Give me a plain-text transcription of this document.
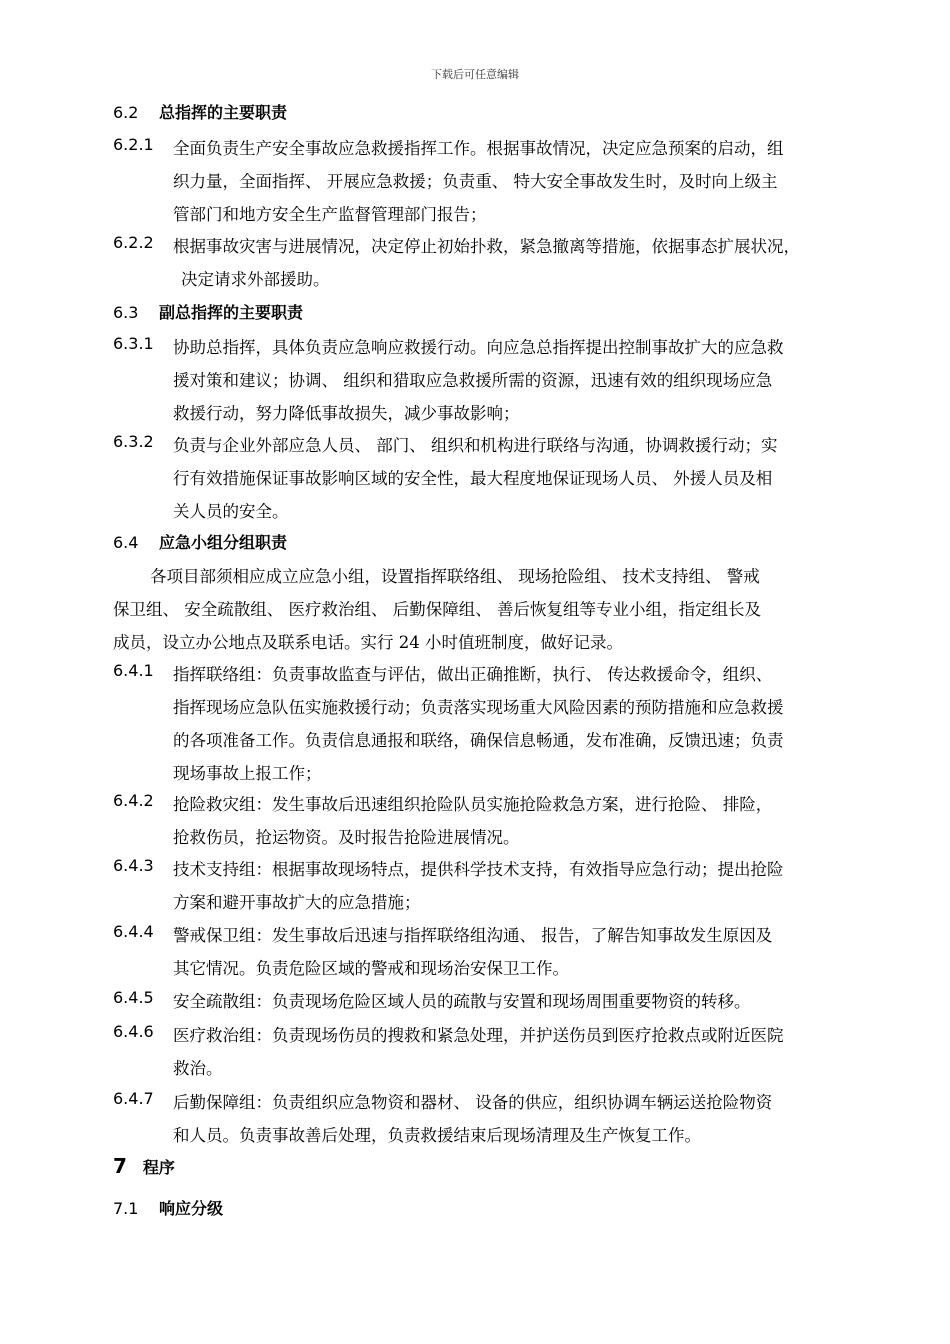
下载后可任意编辑
6.2 总指挥的主要职责
6.2.1 全面负责生产安全事故应急救援指挥工作。根据事故情况，决定应急预案的启动，组
织力量，全面指挥、 开展应急救援；负责重、 特大安全事故发生时，及时向上级主
管部门和地方安全生产监督管理部门报告；
6.2.2 根据事故灾害与进展情况，决定停止初始扑救，紧急撤离等措施，依据事态扩展状况，
决定请求外部援助。
6.3 副总指挥的主要职责
6.3.1 协助总指挥，具体负责应急响应救援行动。向应急总指挥提出控制事故扩大的应急救
援对策和建议；协调、 组织和猎取应急救援所需的资源，迅速有效的组织现场应急
救援行动，努力降低事故损失，减少事故影响；
6.3.2 负责与企业外部应急人员、 部门、 组织和机构进行联络与沟通，协调救援行动；实
行有效措施保证事故影响区域的安全性，最大程度地保证现场人员、 外援人员及相
关人员的安全。
6.4 应急小组分组职责
各项目部须相应成立应急小组，设置指挥联络组、 现场抢险组、 技术支持组、 警戒
保卫组、 安全疏散组、 医疗救治组、 后勤保障组、 善后恢复组等专业小组，指定组长及
成员，设立办公地点及联系电话。实行 24 小时值班制度，做好记录。
6.4.1 指挥联络组：负责事故监查与评估，做出正确推断，执行、 传达救援命令，组织、
指挥现场应急队伍实施救援行动；负责落实现场重大风险因素的预防措施和应急救援
的各项准备工作。负责信息通报和联络，确保信息畅通，发布准确，反馈迅速；负责
现场事故上报工作；
6.4.2 抢险救灾组：发生事故后迅速组织抢险队员实施抢险救急方案，进行抢险、 排险，
抢救伤员，抢运物资。及时报告抢险进展情况。
6.4.3 技术支持组：根据事故现场特点，提供科学技术支持，有效指导应急行动；提出抢险
方案和避开事故扩大的应急措施；
6.4.4 警戒保卫组：发生事故后迅速与指挥联络组沟通、 报告，了解告知事故发生原因及
其它情况。负责危险区域的警戒和现场治安保卫工作。
6.4.5 安全疏散组：负责现场危险区域人员的疏散与安置和现场周围重要物资的转移。
6.4.6 医疗救治组：负责现场伤员的搜救和紧急处理，并护送伤员到医疗抢救点或附近医院
救治。
6.4.7 后勤保障组：负责组织应急物资和器材、 设备的供应，组织协调车辆运送抢险物资
和人员。负责事故善后处理，负责救援结束后现场清理及生产恢复工作。
7 程序
7.1 响应分级
